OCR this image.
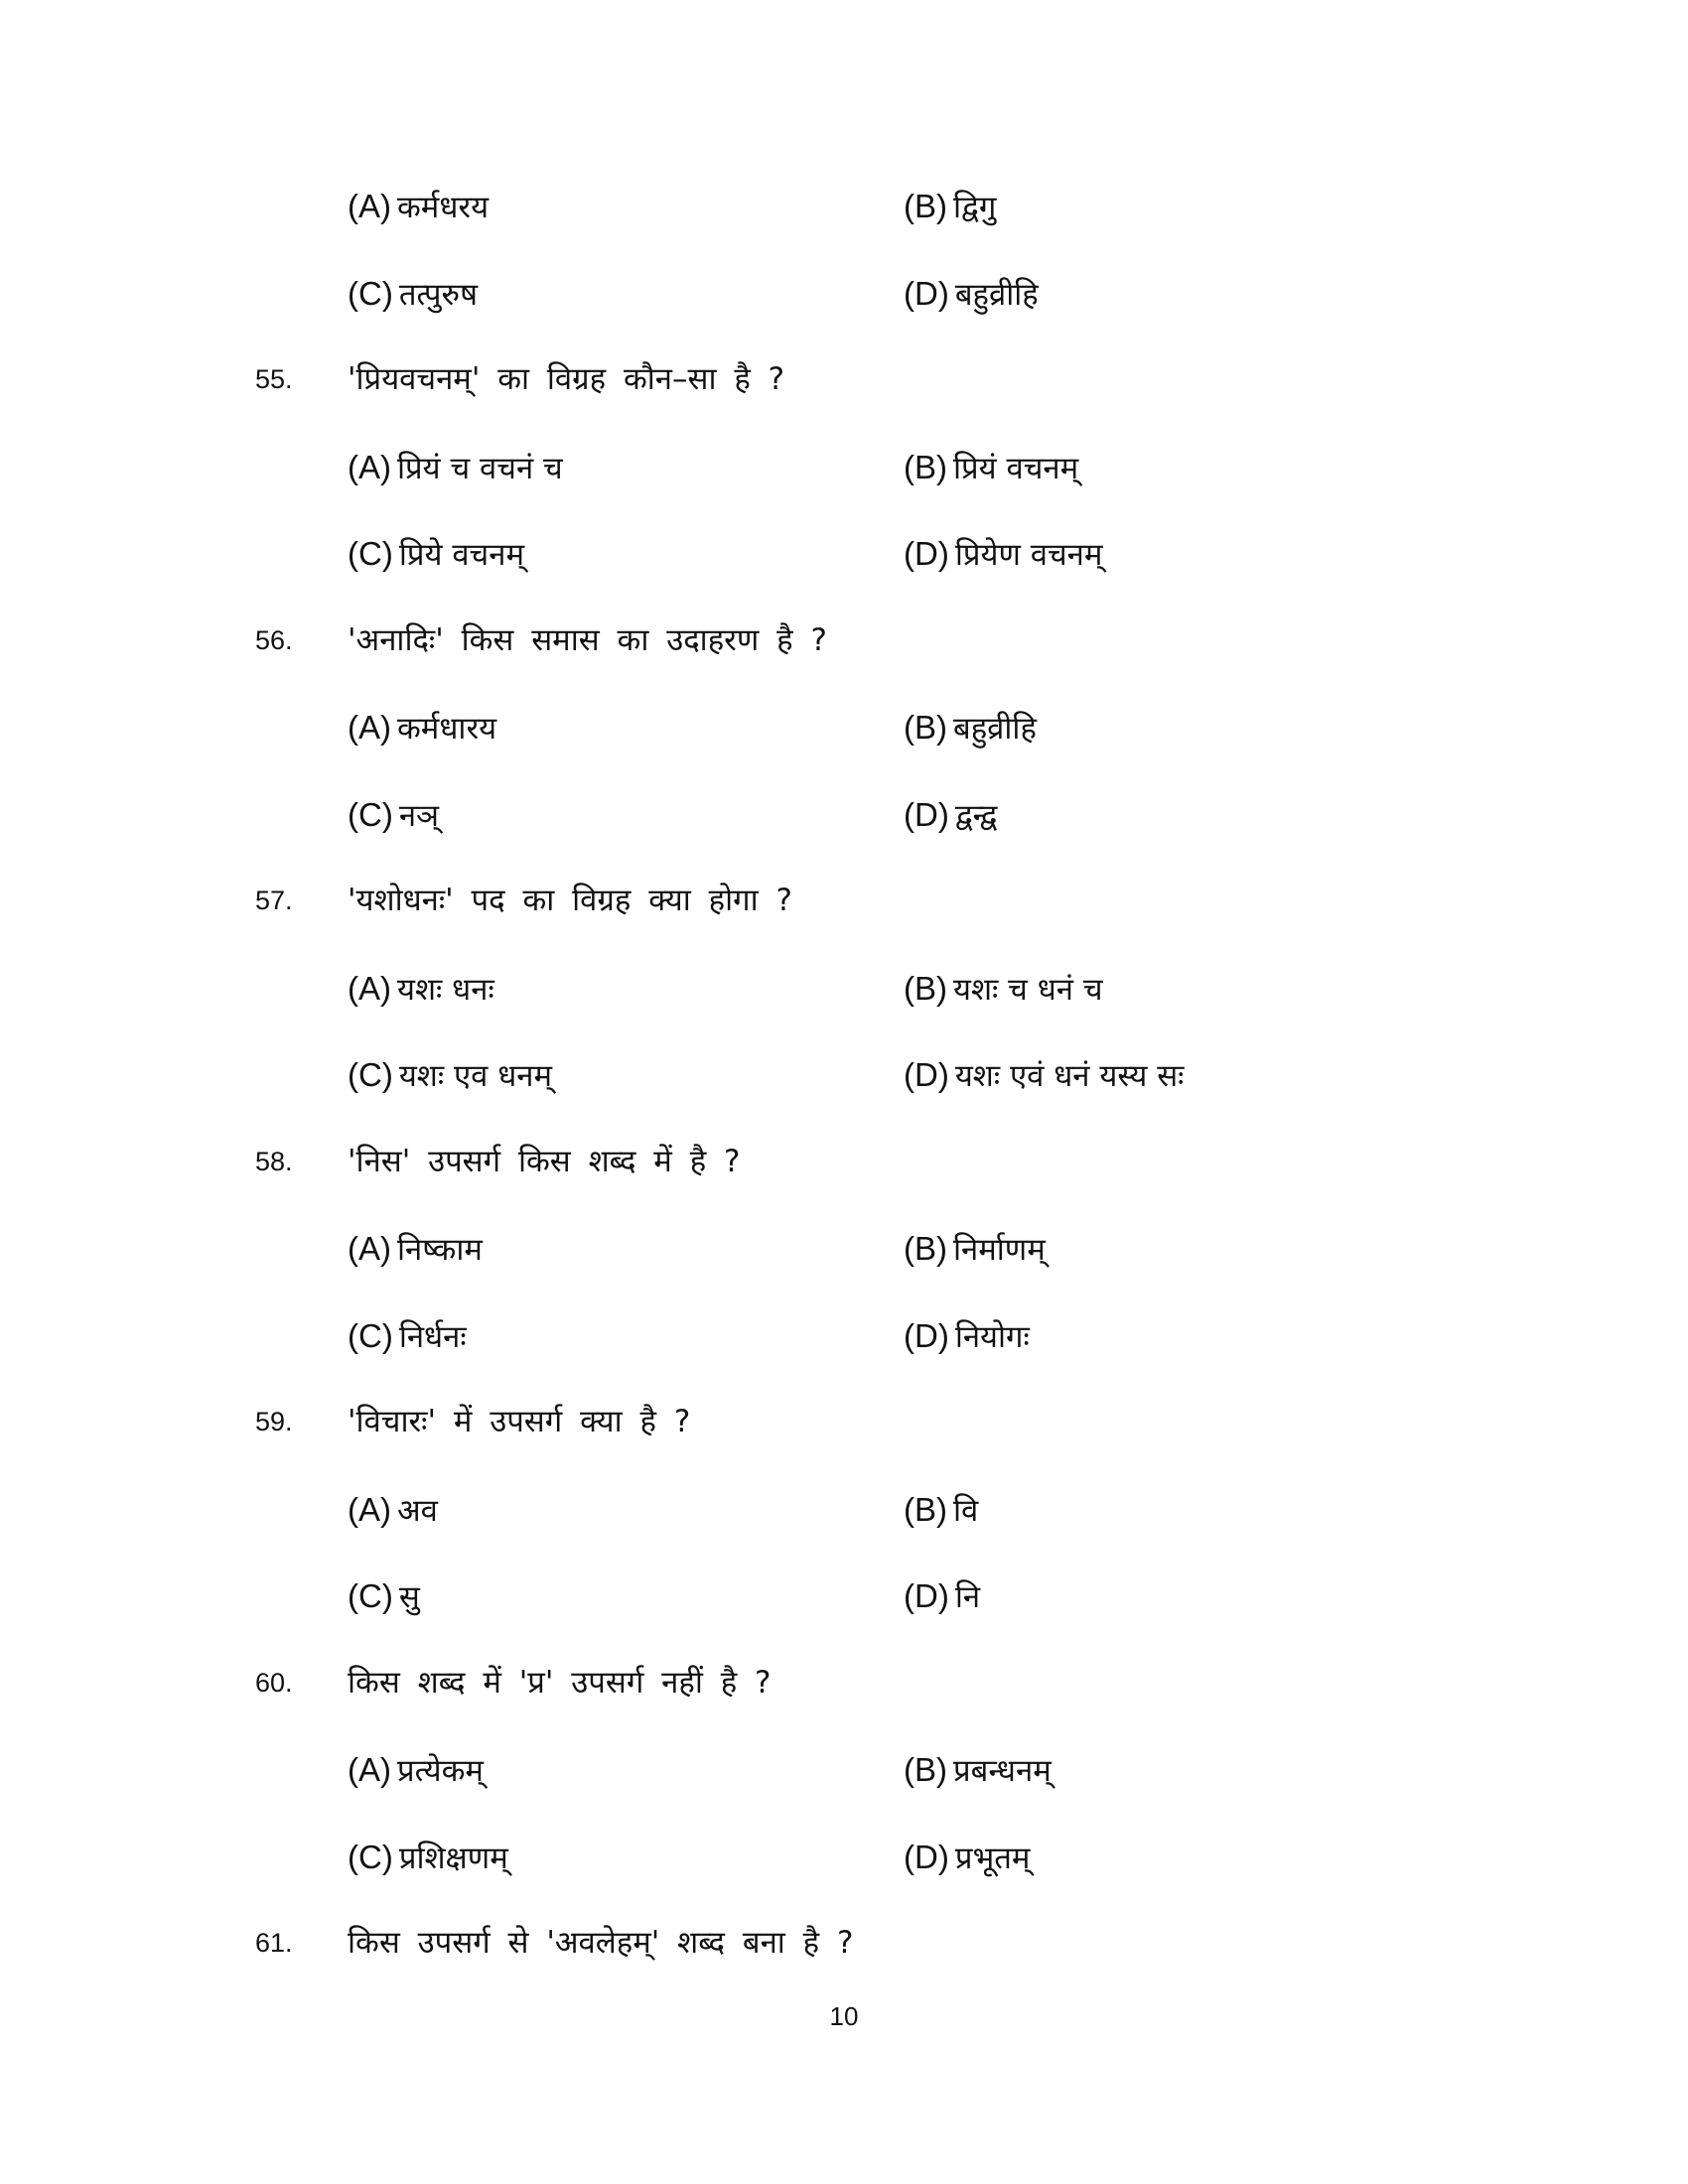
(A) कर्मधरय	(B) द्विगु
(C) तत्पुरुष	(D) बहुव्रीहि
55. 'प्रियवचनम्' का विग्रह कौन–सा है ?
(A) प्रियं च वचनं च	(B) प्रियं वचनम्
(C) प्रिये वचनम्	(D) प्रियेण वचनम्
56. 'अनादिः' किस समास का उदाहरण है ?
(A) कर्मधारय	(B) बहुव्रीहि
(C) नञ्	(D) द्वन्द्व
57. 'यशोधनः' पद का विग्रह क्या होगा ?
(A) यशः धनः	(B) यशः च धनं च
(C) यशः एव धनम्	(D) यशः एवं धनं यस्य सः
58. 'निस' उपसर्ग किस शब्द में है ?
(A) निष्काम	(B) निर्माणम्
(C) निर्धनः	(D) नियोगः
59. 'विचारः' में उपसर्ग क्या है ?
(A) अव	(B) वि
(C) सु	(D) नि
60. किस शब्द में 'प्र' उपसर्ग नहीं है ?
(A) प्रत्येकम्	(B) प्रबन्धनम्
(C) प्रशिक्षणम्	(D) प्रभूतम्
61. किस उपसर्ग से 'अवलेहम्' शब्द बना है ?
10
